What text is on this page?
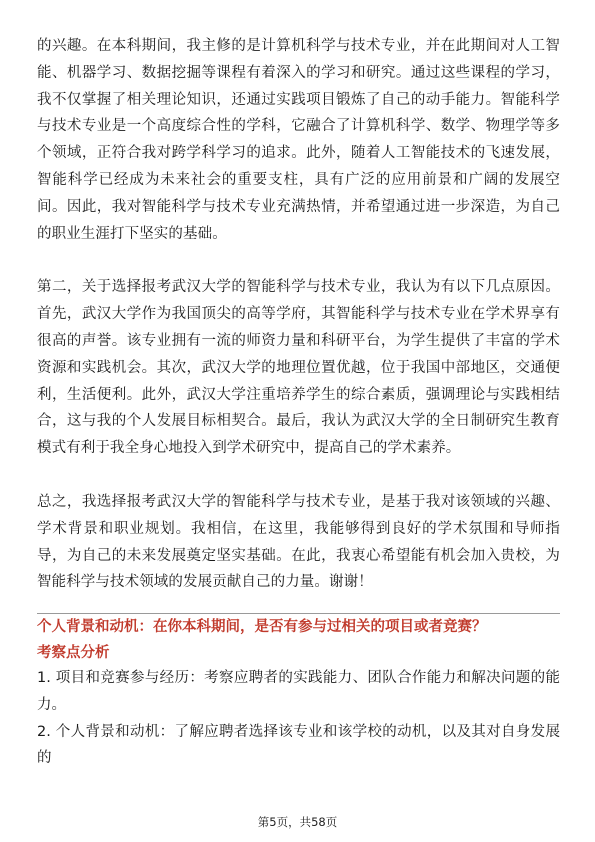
的兴趣。在本科期间，我主修的是计算机科学与技术专业，并在此期间对人工智能、机器学习、数据挖掘等课程有着深入的学习和研究。通过这些课程的学习，我不仅掌握了相关理论知识，还通过实践项目锻炼了自己的动手能力。智能科学与技术专业是一个高度综合性的学科，它融合了计算机科学、数学、物理学等多个领域，正符合我对跨学科学习的追求。此外，随着人工智能技术的飞速发展，智能科学已经成为未来社会的重要支柱，具有广泛的应用前景和广阔的发展空间。因此，我对智能科学与技术专业充满热情，并希望通过进一步深造，为自己的职业生涯打下坚实的基础。

第二，关于选择报考武汉大学的智能科学与技术专业，我认为有以下几点原因。首先，武汉大学作为我国顶尖的高等学府，其智能科学与技术专业在学术界享有很高的声誉。该专业拥有一流的师资力量和科研平台，为学生提供了丰富的学术资源和实践机会。其次，武汉大学的地理位置优越，位于我国中部地区，交通便利，生活便利。此外，武汉大学注重培养学生的综合素质，强调理论与实践相结合，这与我的个人发展目标相契合。最后，我认为武汉大学的全日制研究生教育模式有利于我全身心地投入到学术研究中，提高自己的学术素养。

总之，我选择报考武汉大学的智能科学与技术专业，是基于我对该领域的兴趣、学术背景和职业规划。我相信，在这里，我能够得到良好的学术氛围和导师指导，为自己的未来发展奠定坚实基础。在此，我衷心希望能有机会加入贵校，为智能科学与技术领域的发展贡献自己的力量。谢谢！

个人背景和动机：在你本科期间，是否有参与过相关的项目或者竞赛？
考察点分析

1. 项目和竞赛参与经历：考察应聘者的实践能力、团队合作能力和解决问题的能力。

2. 个人背景和动机：了解应聘者选择该专业和该学校的动机，以及其对自身发展的

第5页，共58页
